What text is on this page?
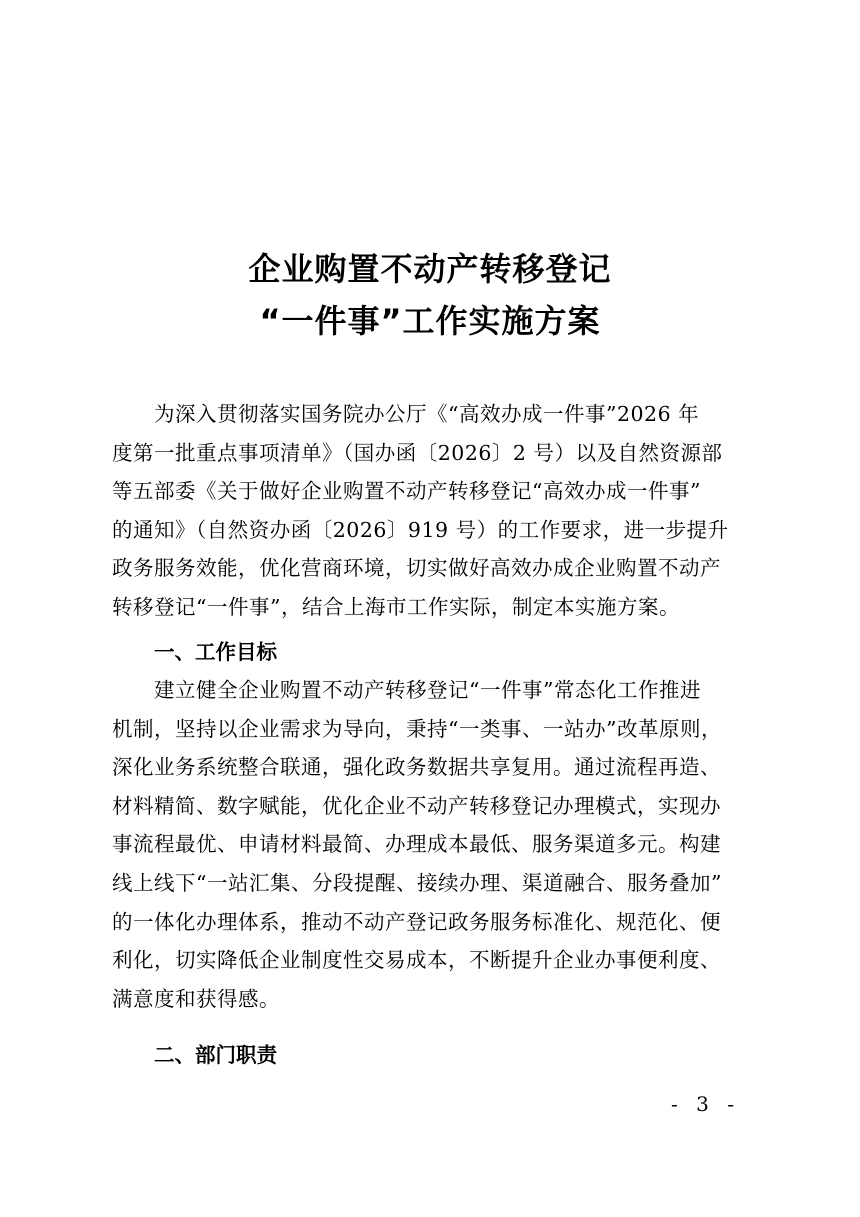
企业购置不动产转移登记
“一件事”工作实施方案
为深入贯彻落实国务院办公厅《“高效办成一件事”2026 年
度第一批重点事项清单》（国办函〔2026〕2 号）以及自然资源部
等五部委《关于做好企业购置不动产转移登记“高效办成一件事”
的通知》（自然资办函〔2026〕919 号）的工作要求，进一步提升
政务服务效能，优化营商环境，切实做好高效办成企业购置不动产
转移登记“一件事”，结合上海市工作实际，制定本实施方案。
一、工作目标
建立健全企业购置不动产转移登记“一件事”常态化工作推进
机制，坚持以企业需求为导向，秉持“一类事、一站办”改革原则，
深化业务系统整合联通，强化政务数据共享复用。通过流程再造、
材料精简、数字赋能，优化企业不动产转移登记办理模式，实现办
事流程最优、申请材料最简、办理成本最低、服务渠道多元。构建
线上线下“一站汇集、分段提醒、接续办理、渠道融合、服务叠加”
的一体化办理体系，推动不动产登记政务服务标准化、规范化、便
利化，切实降低企业制度性交易成本，不断提升企业办事便利度、
满意度和获得感。
二、部门职责
- 3 -
